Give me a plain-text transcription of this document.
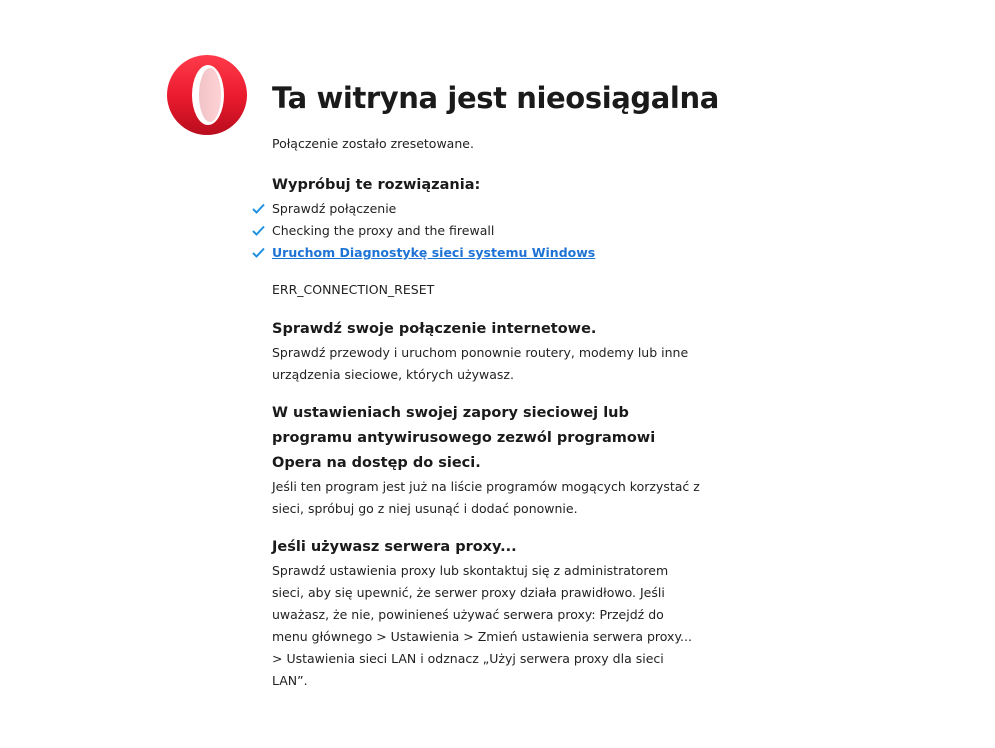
Ta witryna jest nieosiągalna

Połączenie zostało zresetowane.

Wypróbuj te rozwiązania:
Sprawdź połączenie
Checking the proxy and the firewall
Uruchom Diagnostykę sieci systemu Windows

ERR_CONNECTION_RESET

Sprawdź swoje połączenie internetowe.

Sprawdź przewody i uruchom ponownie routery, modemy lub inne urządzenia sieciowe, których używasz.

W ustawieniach swojej zapory sieciowej lub programu antywirusowego zezwól programowi Opera na dostęp do sieci.

Jeśli ten program jest już na liście programów mogących korzystać z sieci, spróbuj go z niej usunąć i dodać ponownie.

Jeśli używasz serwera proxy...

Sprawdź ustawienia proxy lub skontaktuj się z administratorem sieci, aby się upewnić, że serwer proxy działa prawidłowo. Jeśli uważasz, że nie, powinieneś używać serwera proxy: Przejdź do menu głównego > Ustawienia > Zmień ustawienia serwera proxy... > Ustawienia sieci LAN i odznacz „Użyj serwera proxy dla sieci LAN”.
